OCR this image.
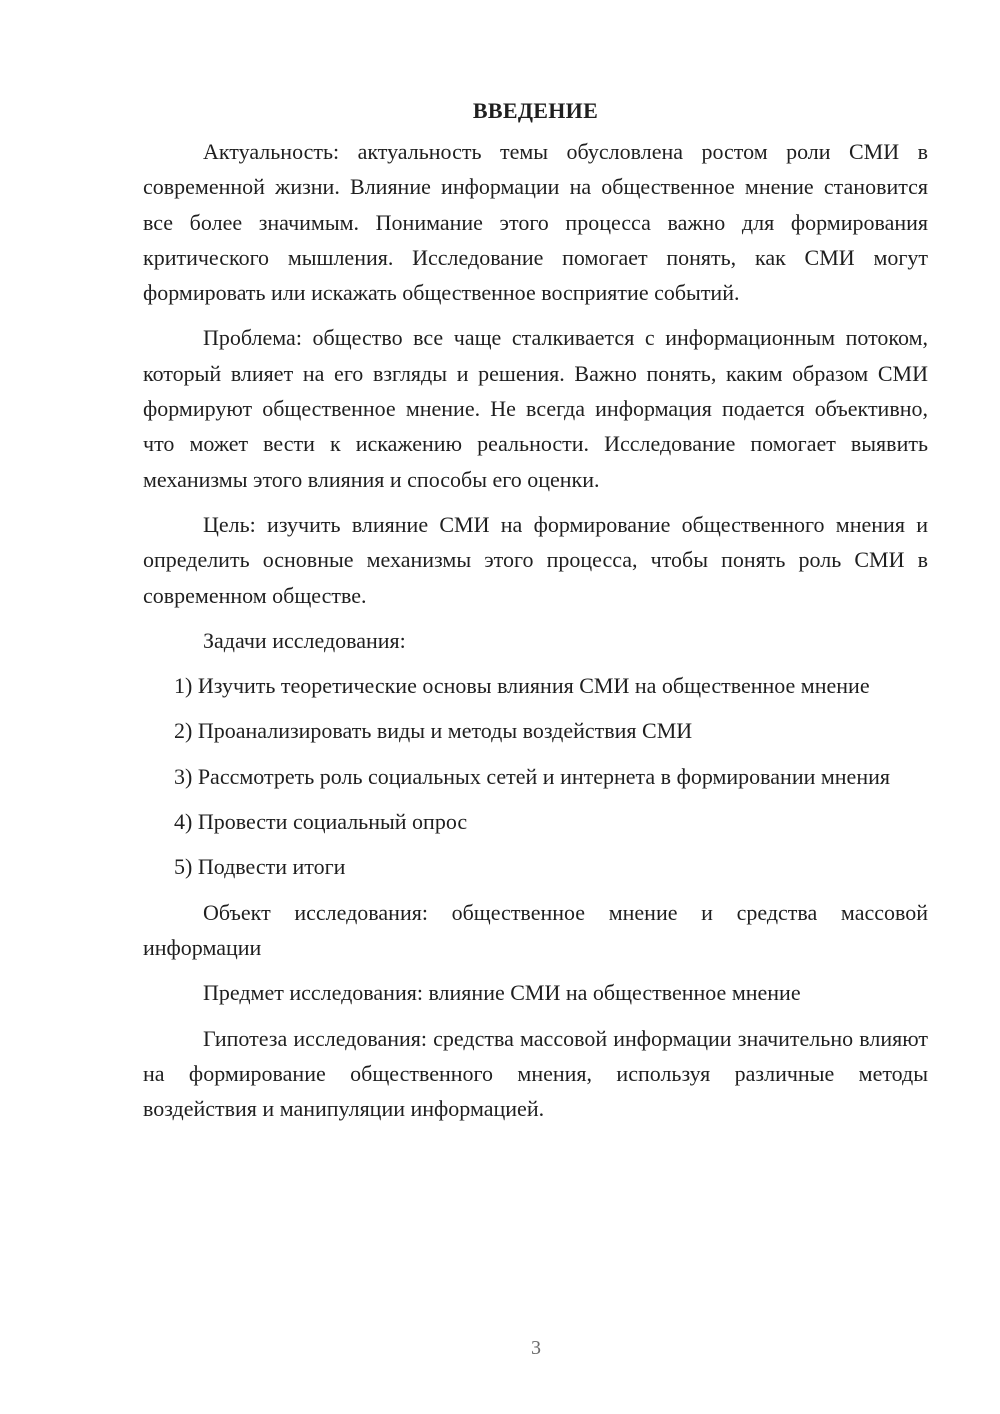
ВВЕДЕНИЕ

Актуальность: актуальность темы обусловлена ростом роли СМИ в современной жизни. Влияние информации на общественное мнение становится все более значимым. Понимание этого процесса важно для формирования критического мышления. Исследование помогает понять, как СМИ могут формировать или искажать общественное восприятие событий.

Проблема: общество все чаще сталкивается с информационным потоком, который влияет на его взгляды и решения. Важно понять, каким образом СМИ формируют общественное мнение. Не всегда информация подается объективно, что может вести к искажению реальности. Исследование помогает выявить механизмы этого влияния и способы его оценки.

Цель: изучить влияние СМИ на формирование общественного мнения и определить основные механизмы этого процесса, чтобы понять роль СМИ в современном обществе.

Задачи исследования:

1) Изучить теоретические основы влияния СМИ на общественное мнение

2) Проанализировать виды и методы воздействия СМИ

3) Рассмотреть роль социальных сетей и интернета в формировании мнения

4) Провести социальный опрос

5) Подвести итоги

Объект исследования: общественное мнение и средства массовой информации

Предмет исследования: влияние СМИ на общественное мнение

Гипотеза исследования: средства массовой информации значительно влияют на формирование общественного мнения, используя различные методы воздействия и манипуляции информацией.

3
